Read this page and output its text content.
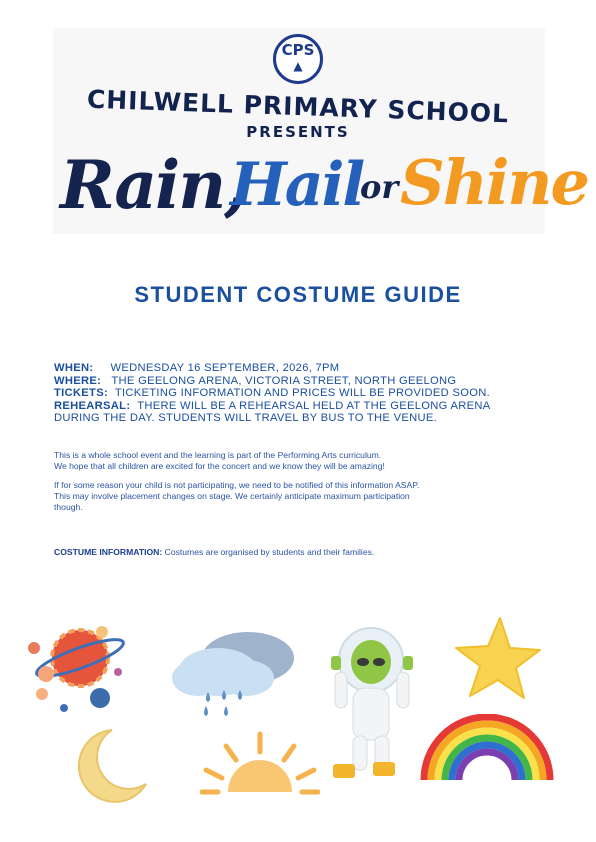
CPS
▲
CHILWELL PRIMARY SCHOOL
PRESENTS
Rain,
Hail
or Shine
STUDENT COSTUME GUIDE
WHEN: WEDNESDAY 16 SEPTEMBER, 2026, 7PM
WHERE: THE GEELONG ARENA, VICTORIA STREET, NORTH GEELONG
TICKETS: TICKETING INFORMATION AND PRICES WILL BE PROVIDED SOON.
REHEARSAL: THERE WILL BE A REHEARSAL HELD AT THE GEELONG ARENA
DURING THE DAY. STUDENTS WILL TRAVEL BY BUS TO THE VENUE.
This is a whole school event and the learning is part of the Performing Arts curriculum.
We hope that all children are excited for the concert and we know they will be amazing!
If for some reason your child is not participating, we need to be notified of this information ASAP.
This may involve placement changes on stage. We certainly anticipate maximum participation
though.
COSTUME INFORMATION: Costumes are organised by students and their families.
